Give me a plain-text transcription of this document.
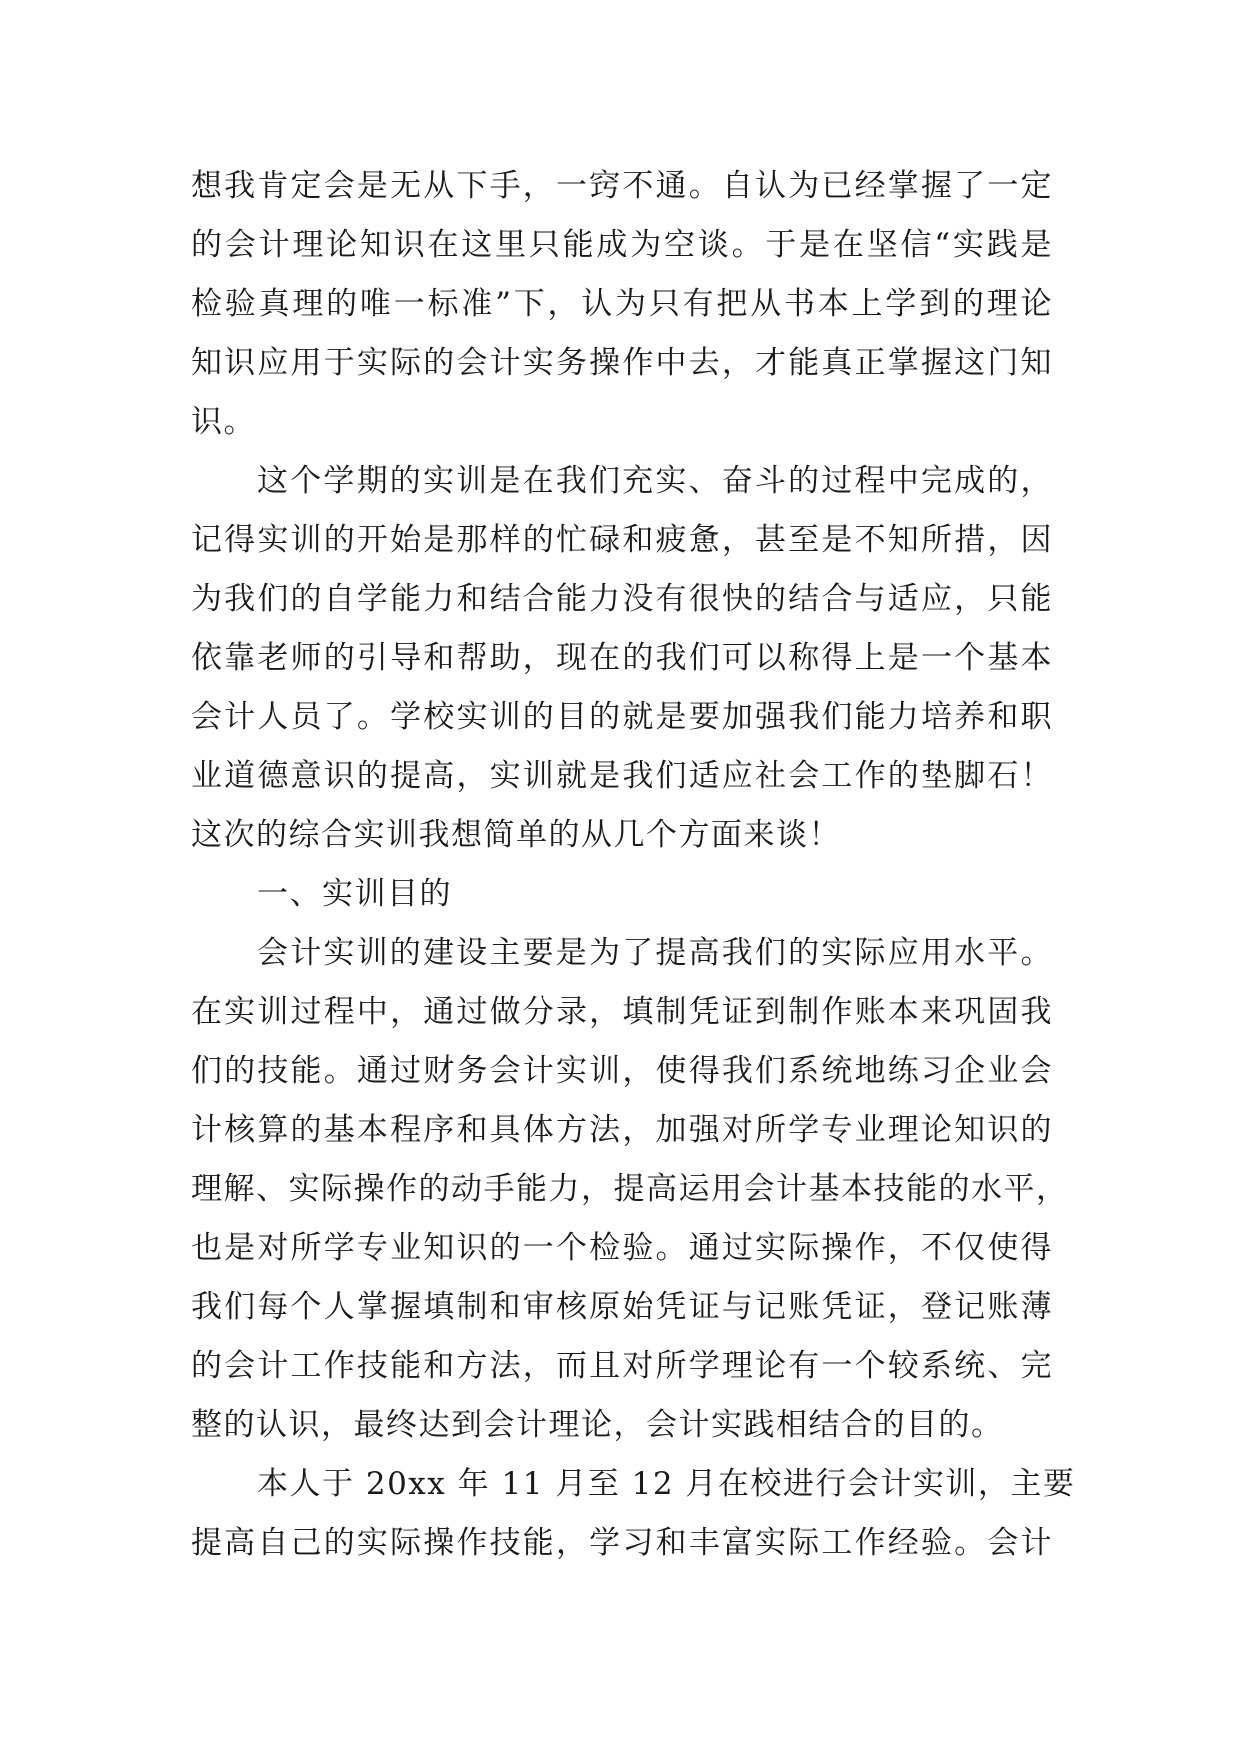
想我肯定会是无从下手，一窍不通。自认为已经掌握了一定
的会计理论知识在这里只能成为空谈。于是在坚信“实践是
检验真理的唯一标准”下，认为只有把从书本上学到的理论
知识应用于实际的会计实务操作中去，才能真正掌握这门知
识。
这个学期的实训是在我们充实、奋斗的过程中完成的，
记得实训的开始是那样的忙碌和疲惫，甚至是不知所措，因
为我们的自学能力和结合能力没有很快的结合与适应，只能
依靠老师的引导和帮助，现在的我们可以称得上是一个基本
会计人员了。学校实训的目的就是要加强我们能力培养和职
业道德意识的提高，实训就是我们适应社会工作的垫脚石！
这次的综合实训我想简单的从几个方面来谈！
一、实训目的
会计实训的建设主要是为了提高我们的实际应用水平。
在实训过程中，通过做分录，填制凭证到制作账本来巩固我
们的技能。通过财务会计实训，使得我们系统地练习企业会
计核算的基本程序和具体方法，加强对所学专业理论知识的
理解、实际操作的动手能力，提高运用会计基本技能的水平，
也是对所学专业知识的一个检验。通过实际操作，不仅使得
我们每个人掌握填制和审核原始凭证与记账凭证，登记账薄
的会计工作技能和方法，而且对所学理论有一个较系统、完
整的认识，最终达到会计理论，会计实践相结合的目的。
本人于 20xx 年 11 月至 12 月在校进行会计实训，主要
提高自己的实际操作技能，学习和丰富实际工作经验。会计
